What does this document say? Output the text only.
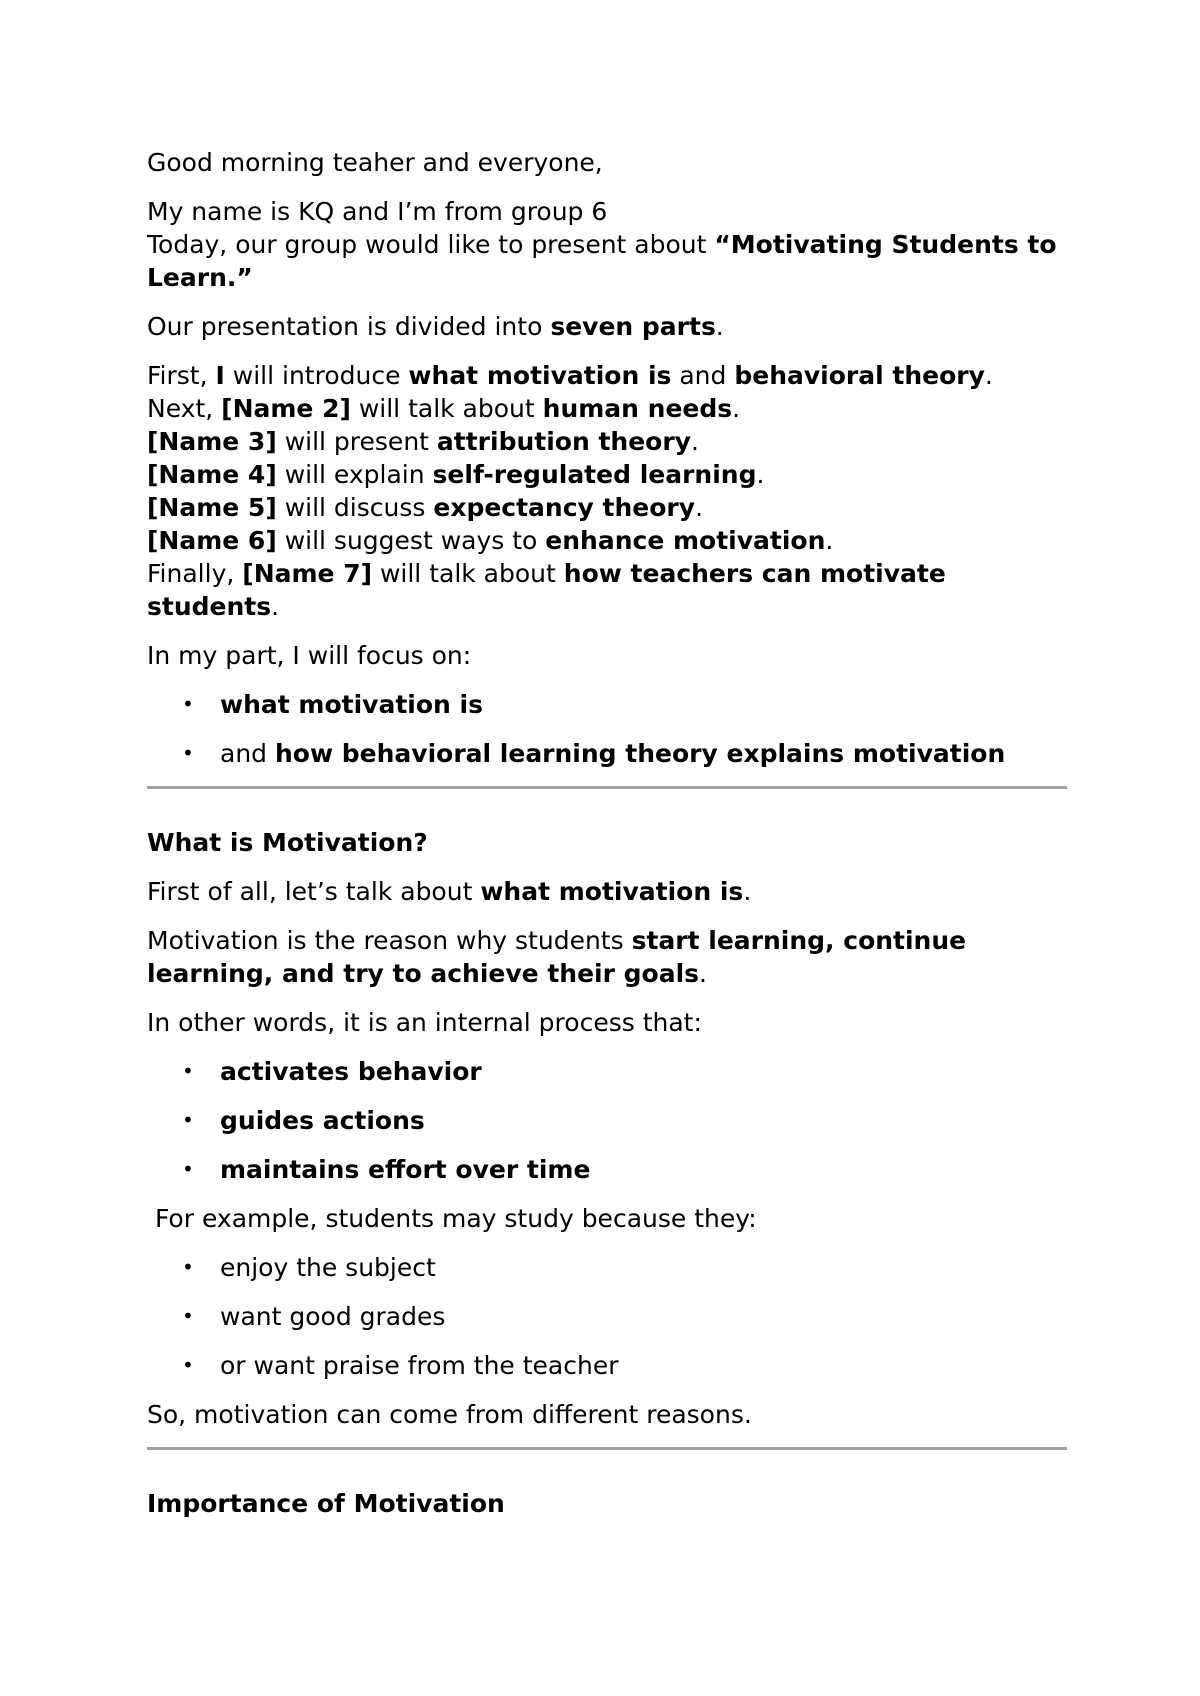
Good morning teaher and everyone,

My name is KQ and I’m from group 6

Today, our group would like to present about “Motivating Students to Learn.”

Our presentation is divided into seven parts.

First, I will introduce what motivation is and behavioral theory.

Next, [Name 2] will talk about human needs.

[Name 3] will present attribution theory.

[Name 4] will explain self-regulated learning.

[Name 5] will discuss expectancy theory.

[Name 6] will suggest ways to enhance motivation.

Finally, [Name 7] will talk about how teachers can motivate students.

In my part, I will focus on:

• what motivation is
• and how behavioral learning theory explains motivation

What is Motivation?

First of all, let’s talk about what motivation is.

Motivation is the reason why students start learning, continue learning, and try to achieve their goals.

In other words, it is an internal process that:

• activates behavior
• guides actions
• maintains effort over time

For example, students may study because they:

• enjoy the subject
• want good grades
• or want praise from the teacher

So, motivation can come from different reasons.

Importance of Motivation
